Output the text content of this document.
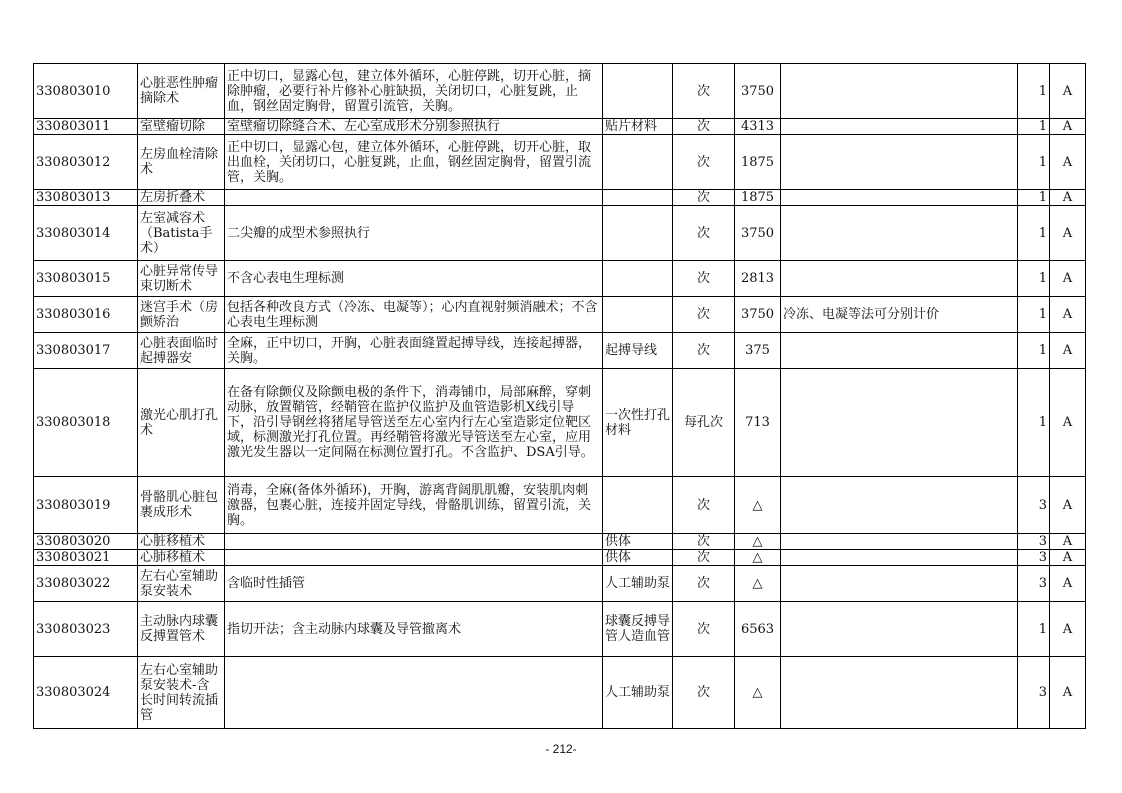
330803010	心脏恶性肿瘤摘除术	正中切口，显露心包，建立体外循环，心脏停跳，切开心脏，摘除肿瘤，必要行补片修补心脏缺损，关闭切口，心脏复跳，止血，钢丝固定胸骨，留置引流管，关胸。		次	3750		1	A

330803011	室壁瘤切除	室壁瘤切除缝合术、左心室成形术分别参照执行	贴片材料	次	4313		1	A

330803012	左房血栓清除术	正中切口，显露心包，建立体外循环，心脏停跳，切开心脏，取出血栓，关闭切口，心脏复跳，止血，钢丝固定胸骨，留置引流管，关胸。		次	1875		1	A

330803013	左房折叠术			次	1875		1	A

330803014	左室减容术（Batista手术）	二尖瓣的成型术参照执行		次	3750		1	A

330803015	心脏异常传导束切断术	不含心表电生理标测		次	2813		1	A

330803016	迷宫手术（房颤矫治	包括各种改良方式（冷冻、电凝等）；心内直视射频消融术；不含心表电生理标测		次	3750	冷冻、电凝等法可分别计价	1	A

330803017	心脏表面临时起搏器安	全麻，正中切口，开胸，心脏表面缝置起搏导线，连接起搏器，关胸。	起搏导线	次	375		1	A

330803018	激光心肌打孔术	在备有除颤仪及除颤电极的条件下，消毒铺巾，局部麻醉，穿刺动脉，放置鞘管，经鞘管在监护仪监护及血管造影机X线引导下，沿引导钢丝将猪尾导管送至左心室内行左心室造影定位靶区域，标测激光打孔位置。再经鞘管将激光导管送至左心室，应用激光发生器以一定间隔在标测位置打孔。不含监护、DSA引导。	一次性打孔材料	每孔次	713		1	A

330803019	骨骼肌心脏包裹成形术	消毒，全麻(备体外循环)，开胸，游离背阔肌肌瓣，安装肌肉刺激器，包裹心脏，连接并固定导线，骨骼肌训练，留置引流，关胸。		次	△		3	A

330803020	心脏移植术		供体	次	△		3	A

330803021	心肺移植术		供体	次	△		3	A

330803022	左右心室辅助泵安装术	含临时性插管	人工辅助泵	次	△		3	A

330803023	主动脉内球囊反搏置管术	指切开法；含主动脉内球囊及导管撤离术	球囊反搏导管人造血管	次	6563		1	A

330803024	左右心室辅助泵安装术-含长时间转流插管		人工辅助泵	次	△		3	A
- 212-
